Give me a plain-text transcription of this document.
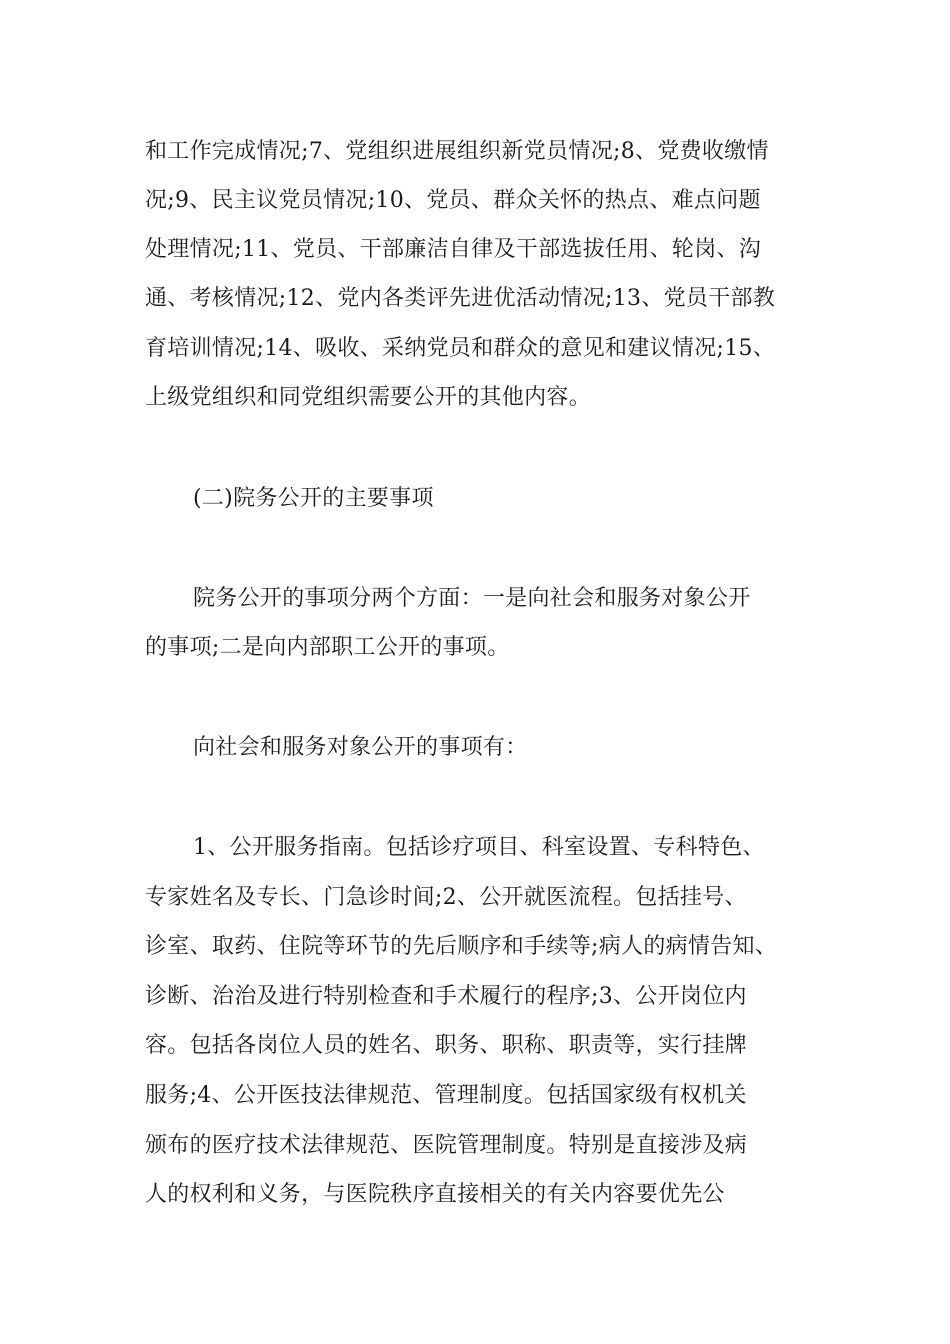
和工作完成情况;7、党组织进展组织新党员情况;8、党费收缴情
况;9、民主议党员情况;10、党员、群众关怀的热点、难点问题
处理情况;11、党员、干部廉洁自律及干部选拔任用、轮岗、沟
通、考核情况;12、党内各类评先进优活动情况;13、党员干部教
育培训情况;14、吸收、采纳党员和群众的意见和建议情况;15、
上级党组织和同党组织需要公开的其他内容。
(二)院务公开的主要事项
院务公开的事项分两个方面：一是向社会和服务对象公开
的事项;二是向内部职工公开的事项。
向社会和服务对象公开的事项有：
1、公开服务指南。包括诊疗项目、科室设置、专科特色、
专家姓名及专长、门急诊时间;2、公开就医流程。包括挂号、
诊室、取药、住院等环节的先后顺序和手续等;病人的病情告知、
诊断、治治及进行特别检查和手术履行的程序;3、公开岗位内
容。包括各岗位人员的姓名、职务、职称、职责等，实行挂牌
服务;4、公开医技法律规范、管理制度。包括国家级有权机关
颁布的医疗技术法律规范、医院管理制度。特别是直接涉及病
人的权利和义务，与医院秩序直接相关的有关内容要优先公
